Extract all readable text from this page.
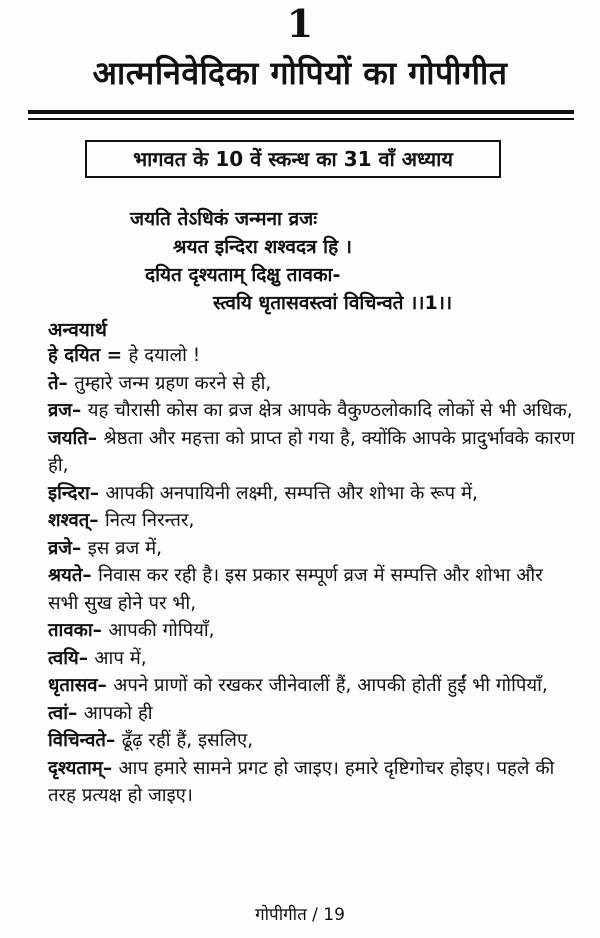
1
आत्मनिवेदिका गोपियों का गोपीगीत
भागवत के 10 वें स्कन्ध का 31 वाँ अध्याय
जयति तेऽधिकं जन्मना व्रजः
श्रयत इन्दिरा शश्वदत्र हि ।
दयित दृश्यताम् दिक्षु तावका-
स्त्वयि धृतासवस्त्वां विचिन्वते ।।1।।
अन्वयार्थ

हे दयित = हे दयालो !

ते– तुम्हारे जन्म ग्रहण करने से ही,

व्रज– यह चौरासी कोस का व्रज क्षेत्र आपके वैकुण्ठलोकादि लोकों से भी अधिक,

जयति– श्रेष्ठता और महत्ता को प्राप्त हो गया है, क्योंकि आपके प्रादुर्भावके कारण ही,

इन्दिरा– आपकी अनपायिनी लक्ष्मी, सम्पत्ति और शोभा के रूप में,

शश्वत्– नित्य निरन्तर,

व्रजे– इस व्रज में,

श्रयते– निवास कर रही है। इस प्रकार सम्पूर्ण व्रज में सम्पत्ति और शोभा और सभी सुख होने पर भी,

तावका– आपकी गोपियाँ,

त्वयि– आप में,

धृतासव– अपने प्राणों को रखकर जीनेवालीं हैं, आपकी होतीं हुईं भी गोपियाँ,

त्वां– आपको ही

विचिन्वते– ढूँढ़ रहीं हैं, इसलिए,

दृश्यताम्– आप हमारे सामने प्रगट हो जाइए। हमारे दृष्टिगोचर होइए। पहले की तरह प्रत्यक्ष हो जाइए।

गोपीगीत / 19
